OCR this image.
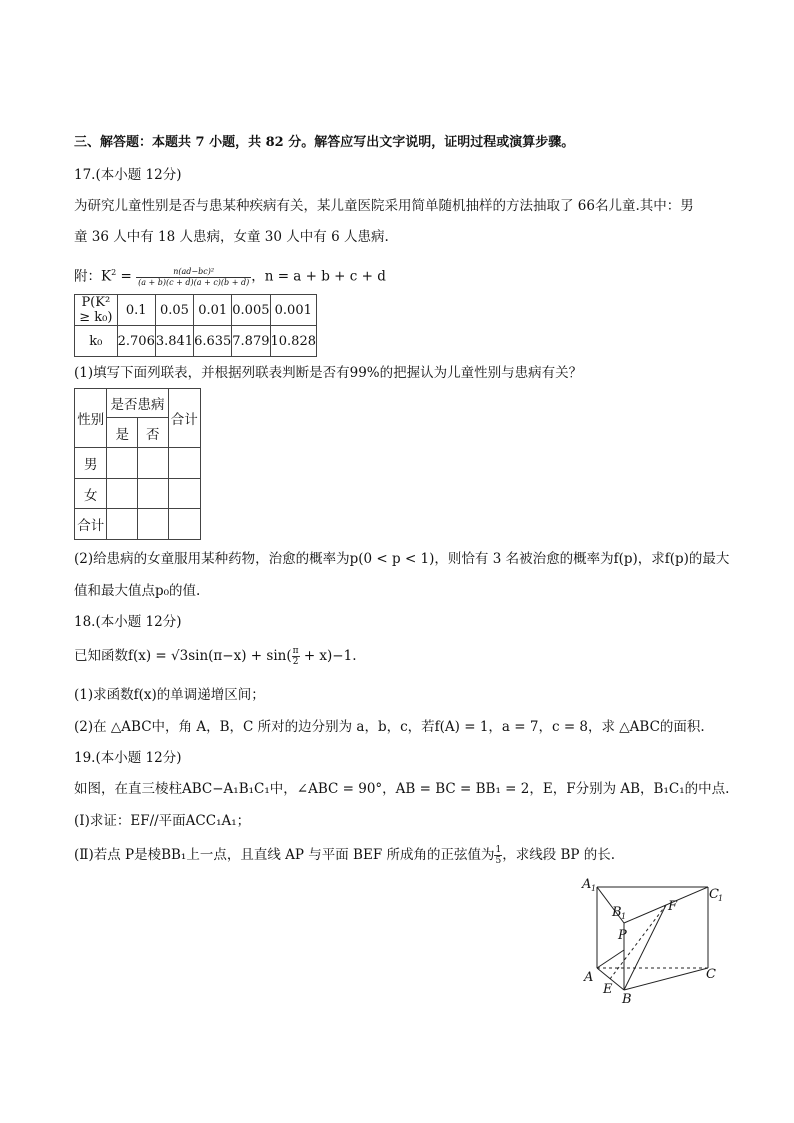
三、解答题：本题共 7 小题，共 82 分。解答应写出文字说明，证明过程或演算步骤。
17.(本小题 12分)
为研究儿童性别是否与患某种疾病有关，某儿童医院采用简单随机抽样的方法抽取了 66名儿童.其中：男
童 36 人中有 18 人患病，女童 30 人中有 6 人患病.
附：$K^2 = \frac{\text{n(ad−bc)²}}{(a + b)(c + d)(a + c)(b + d)}$ ，n = a + b + c + d
P(K² ≥ k₀)	0.1	0.05	0.01	0.005	0.001
k₀	2.706	3.841	6.635	7.879	10.828
(1)填写下面列联表，并根据列联表判断是否有99%的把握认为儿童性别与患病有关？
性别	是否患病		合计
	是	否	
男			
女			
合计			
(2)给患病的女童服用某种药物，治愈的概率为p(0 < p < 1)，则恰有 3 名被治愈的概率为f(p)，求f(p)的最大
值和最大值点p₀的值.
18.(本小题 12分)
已知函数$f(x) = √3\sin(\pi-x) + \sin( \frac{\pi}{2} + x)-1$.
(1)求函数f(x)的单调递增区间；
(2)在 △ABC中，角 A，B，C 所对的边分别为 a，b，c，若f(A) = 1，a = 7，c = 8，求 △ABC的面积.
19.(本小题 12分)
如图，在直三棱柱ABC−A₁B₁C₁中，∠ABC = 90°，AB = BC = BB₁ = 2，E，F分别为 AB，B₁C₁的中点.
(Ⅰ)求证：EF//平面ACC₁A₁；
(Ⅱ)若点 P是棱BB₁上一点，且直线 AP 与平面 BEF 所成角的正弦值为 $\frac{1}{5}$ ，求线段 BP 的长.
A 1	C 1
B 1
F
P
A
E
B
C
